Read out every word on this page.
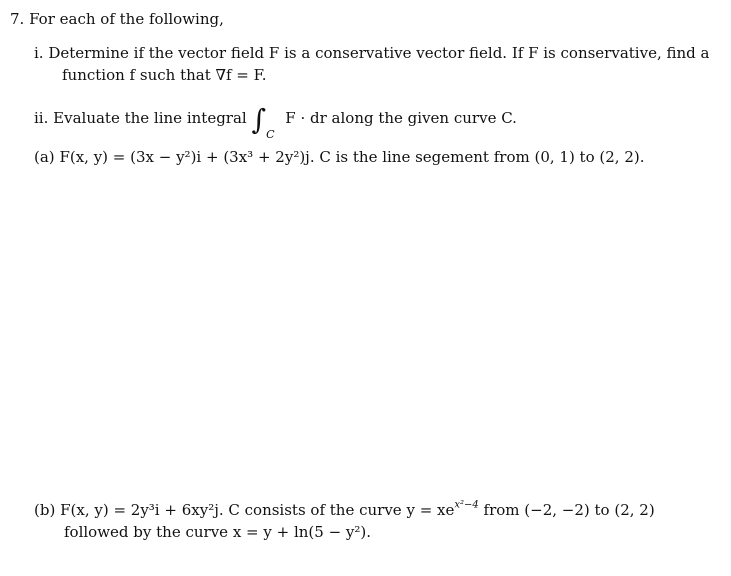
7. For each of the following,
i. Determine if the vector field F is a conservative vector field. If F is conservative, find a
function f such that ∇f = F.
ii. Evaluate the line integral ∫C F · dr along the given curve C.
(a) F(x, y) = (3x − y²)i + (3x³ + 2y²)j. C is the line segement from (0, 1) to (2, 2).
(b) F(x, y) = 2y³i + 6xy²j. C consists of the curve $y = xe^{x^2-4}$ from (−2, −2) to (2, 2)
followed by the curve x = y + ln(5 − y²).
